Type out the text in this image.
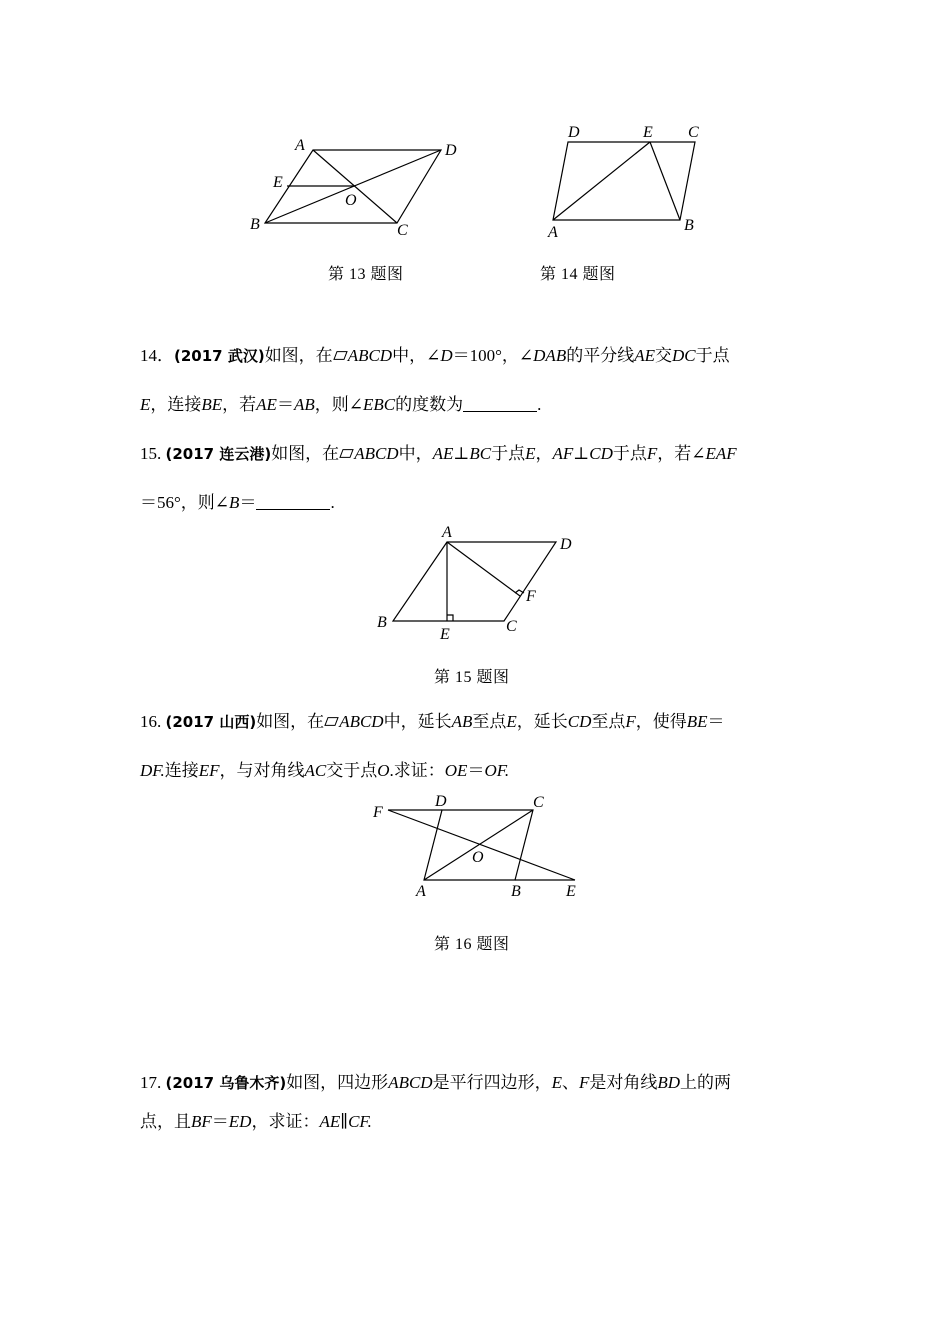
A	D
E
O
B	C
第 13 题图
D	E C
A	B
第 14 题图
14．(2017 武汉)如图，在 ABCD中，∠D＝100°，∠DAB的平分线AE交DC于点
E，连接BE，若AE＝AB，则∠EBC的度数为	.
15. (2017 连云港)如图，在 ABCD中，AE⊥BC于点E，AF⊥CD于点F，若∠EAF
＝56°，则∠B＝	.
A
D
F
B
E	C
第 15 题图
16. (2017 山西)如图，在 ABCD中，延长AB至点E，延长CD至点F，使得BE＝
DF.连接EF，与对角线AC交于点O.求证：OE＝OF.
F
D	C
O
A	B	E
第 16 题图
17. (2017 乌鲁木齐)如图，四边形ABCD是平行四边形，E、F是对角线BD上的两
点，且BF＝ED，求证：AE∥CF.
